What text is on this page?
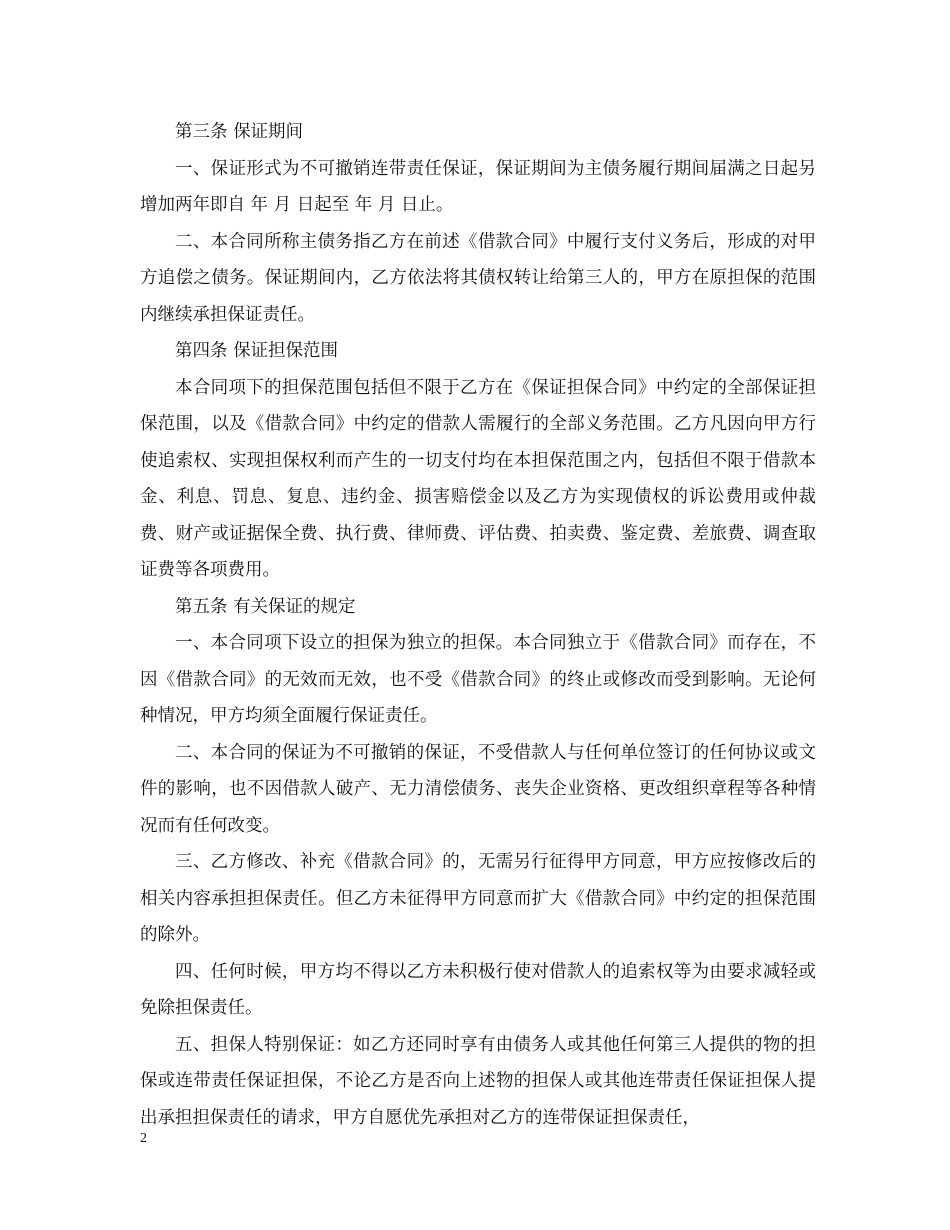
第三条 保证期间

一、保证形式为不可撤销连带责任保证，保证期间为主债务履行期间届满之日起另增加两年即自 年 月 日起至 年 月 日止。

二、本合同所称主债务指乙方在前述《借款合同》中履行支付义务后，形成的对甲方追偿之债务。保证期间内，乙方依法将其债权转让给第三人的，甲方在原担保的范围内继续承担保证责任。

第四条 保证担保范围

本合同项下的担保范围包括但不限于乙方在《保证担保合同》中约定的全部保证担保范围，以及《借款合同》中约定的借款人需履行的全部义务范围。乙方凡因向甲方行使追索权、实现担保权利而产生的一切支付均在本担保范围之内，包括但不限于借款本金、利息、罚息、复息、违约金、损害赔偿金以及乙方为实现债权的诉讼费用或仲裁费、财产或证据保全费、执行费、律师费、评估费、拍卖费、鉴定费、差旅费、调查取证费等各项费用。

第五条 有关保证的规定

一、本合同项下设立的担保为独立的担保。本合同独立于《借款合同》而存在，不因《借款合同》的无效而无效，也不受《借款合同》的终止或修改而受到影响。无论何种情况，甲方均须全面履行保证责任。

二、本合同的保证为不可撤销的保证，不受借款人与任何单位签订的任何协议或文件的影响，也不因借款人破产、无力清偿债务、丧失企业资格、更改组织章程等各种情况而有任何改变。

三、乙方修改、补充《借款合同》的，无需另行征得甲方同意，甲方应按修改后的相关内容承担担保责任。但乙方未征得甲方同意而扩大《借款合同》中约定的担保范围的除外。

四、任何时候，甲方均不得以乙方未积极行使对借款人的追索权等为由要求减轻或免除担保责任。

五、担保人特别保证：如乙方还同时享有由债务人或其他任何第三人提供的物的担保或连带责任保证担保，不论乙方是否向上述物的担保人或其他连带责任保证担保人提出承担担保责任的请求，甲方自愿优先承担对乙方的连带保证担保责任，

2
